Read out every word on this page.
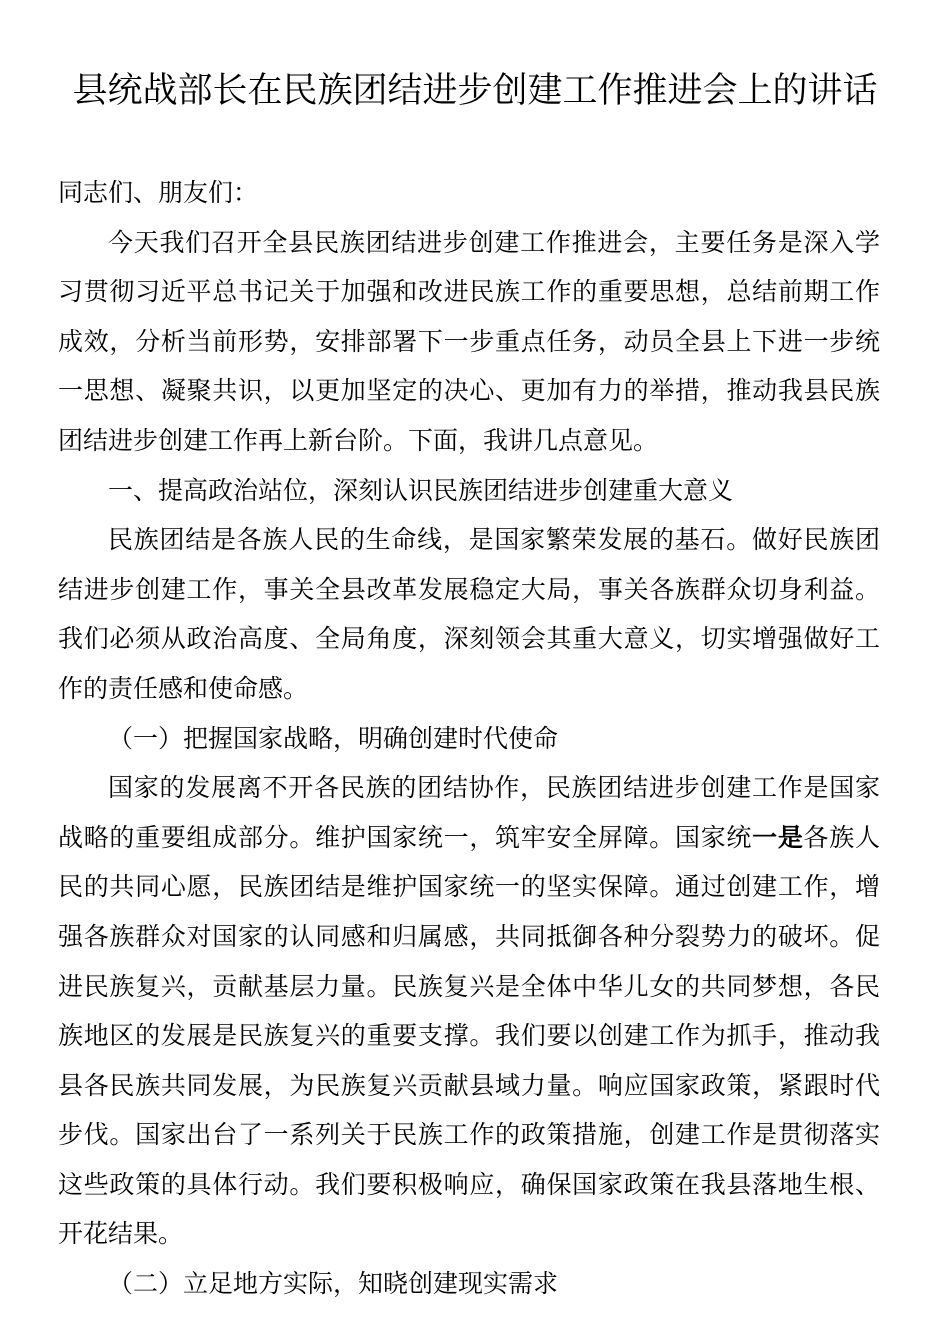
县统战部长在民族团结进步创建工作推进会上的讲话

同志们、朋友们：

今天我们召开全县民族团结进步创建工作推进会，主要任务是深入学习贯彻习近平总书记关于加强和改进民族工作的重要思想，总结前期工作成效，分析当前形势，安排部署下一步重点任务，动员全县上下进一步统一思想、凝聚共识，以更加坚定的决心、更加有力的举措，推动我县民族团结进步创建工作再上新台阶。下面，我讲几点意见。

一、提高政治站位，深刻认识民族团结进步创建重大意义

民族团结是各族人民的生命线，是国家繁荣发展的基石。做好民族团结进步创建工作，事关全县改革发展稳定大局，事关各族群众切身利益。我们必须从政治高度、全局角度，深刻领会其重大意义，切实增强做好工作的责任感和使命感。

（一）把握国家战略，明确创建时代使命

国家的发展离不开各民族的团结协作，民族团结进步创建工作是国家战略的重要组成部分。维护国家统一，筑牢安全屏障。国家统一是各族人民的共同心愿，民族团结是维护国家统一的坚实保障。通过创建工作，增强各族群众对国家的认同感和归属感，共同抵御各种分裂势力的破坏。促进民族复兴，贡献基层力量。民族复兴是全体中华儿女的共同梦想，各民族地区的发展是民族复兴的重要支撑。我们要以创建工作为抓手，推动我县各民族共同发展，为民族复兴贡献县域力量。响应国家政策，紧跟时代步伐。国家出台了一系列关于民族工作的政策措施，创建工作是贯彻落实这些政策的具体行动。我们要积极响应，确保国家政策在我县落地生根、开花结果。

（二）立足地方实际，知晓创建现实需求
